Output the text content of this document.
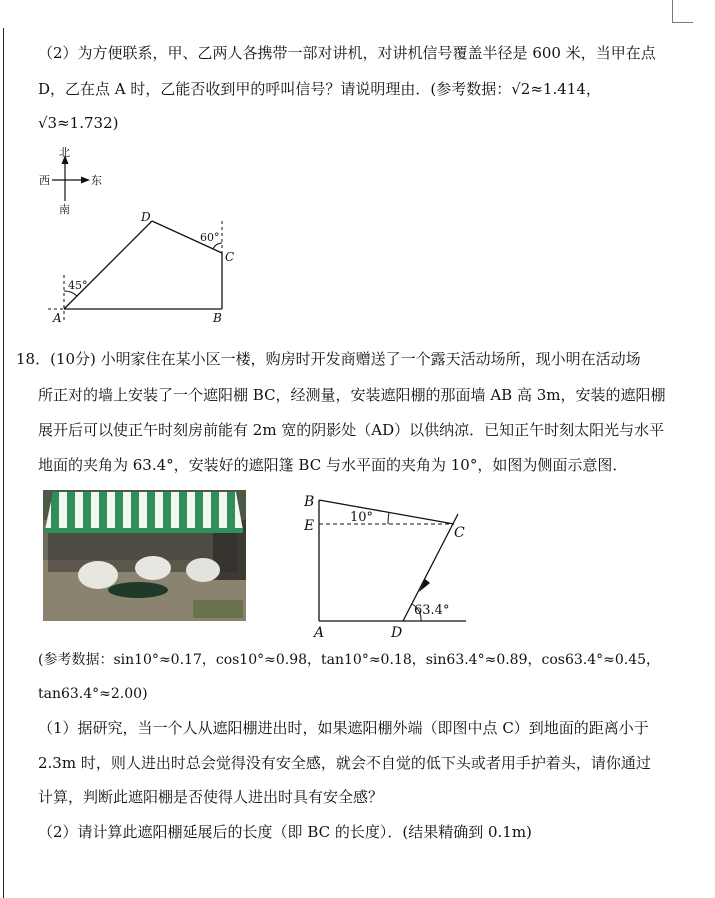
（2）为方便联系，甲、乙两人各携带一部对讲机，对讲机信号覆盖半径是 600 米，当甲在点
D，乙在点 A 时，乙能否收到甲的呼叫信号？请说明理由．(参考数据：√2≈1.414，
√3≈1.732)
北
西	东
南
D
60°
C
45°
A	B
18．(10分) 小明家住在某小区一楼，购房时开发商赠送了一个露天活动场所，现小明在活动场
所正对的墙上安装了一个遮阳棚 BC，经测量，安装遮阳棚的那面墙 AB 高 3m，安装的遮阳棚
展开后可以使正午时刻房前能有 2m 宽的阴影处（AD）以供纳凉．已知正午时刻太阳光与水平
地面的夹角为 63.4°，安装好的遮阳篷 BC 与水平面的夹角为 10°，如图为侧面示意图．
B
E
10°
C
63.4°
A	D
(参考数据：sin10°≈0.17，cos10°≈0.98，tan10°≈0.18，sin63.4°≈0.89，cos63.4°≈0.45，
tan63.4°≈2.00)
（1）据研究，当一个人从遮阳棚进出时，如果遮阳棚外端（即图中点 C）到地面的距离小于
2.3m 时，则人进出时总会觉得没有安全感，就会不自觉的低下头或者用手护着头，请你通过
计算，判断此遮阳棚是否使得人进出时具有安全感？
（2）请计算此遮阳棚延展后的长度（即 BC 的长度）．(结果精确到 0.1m)
